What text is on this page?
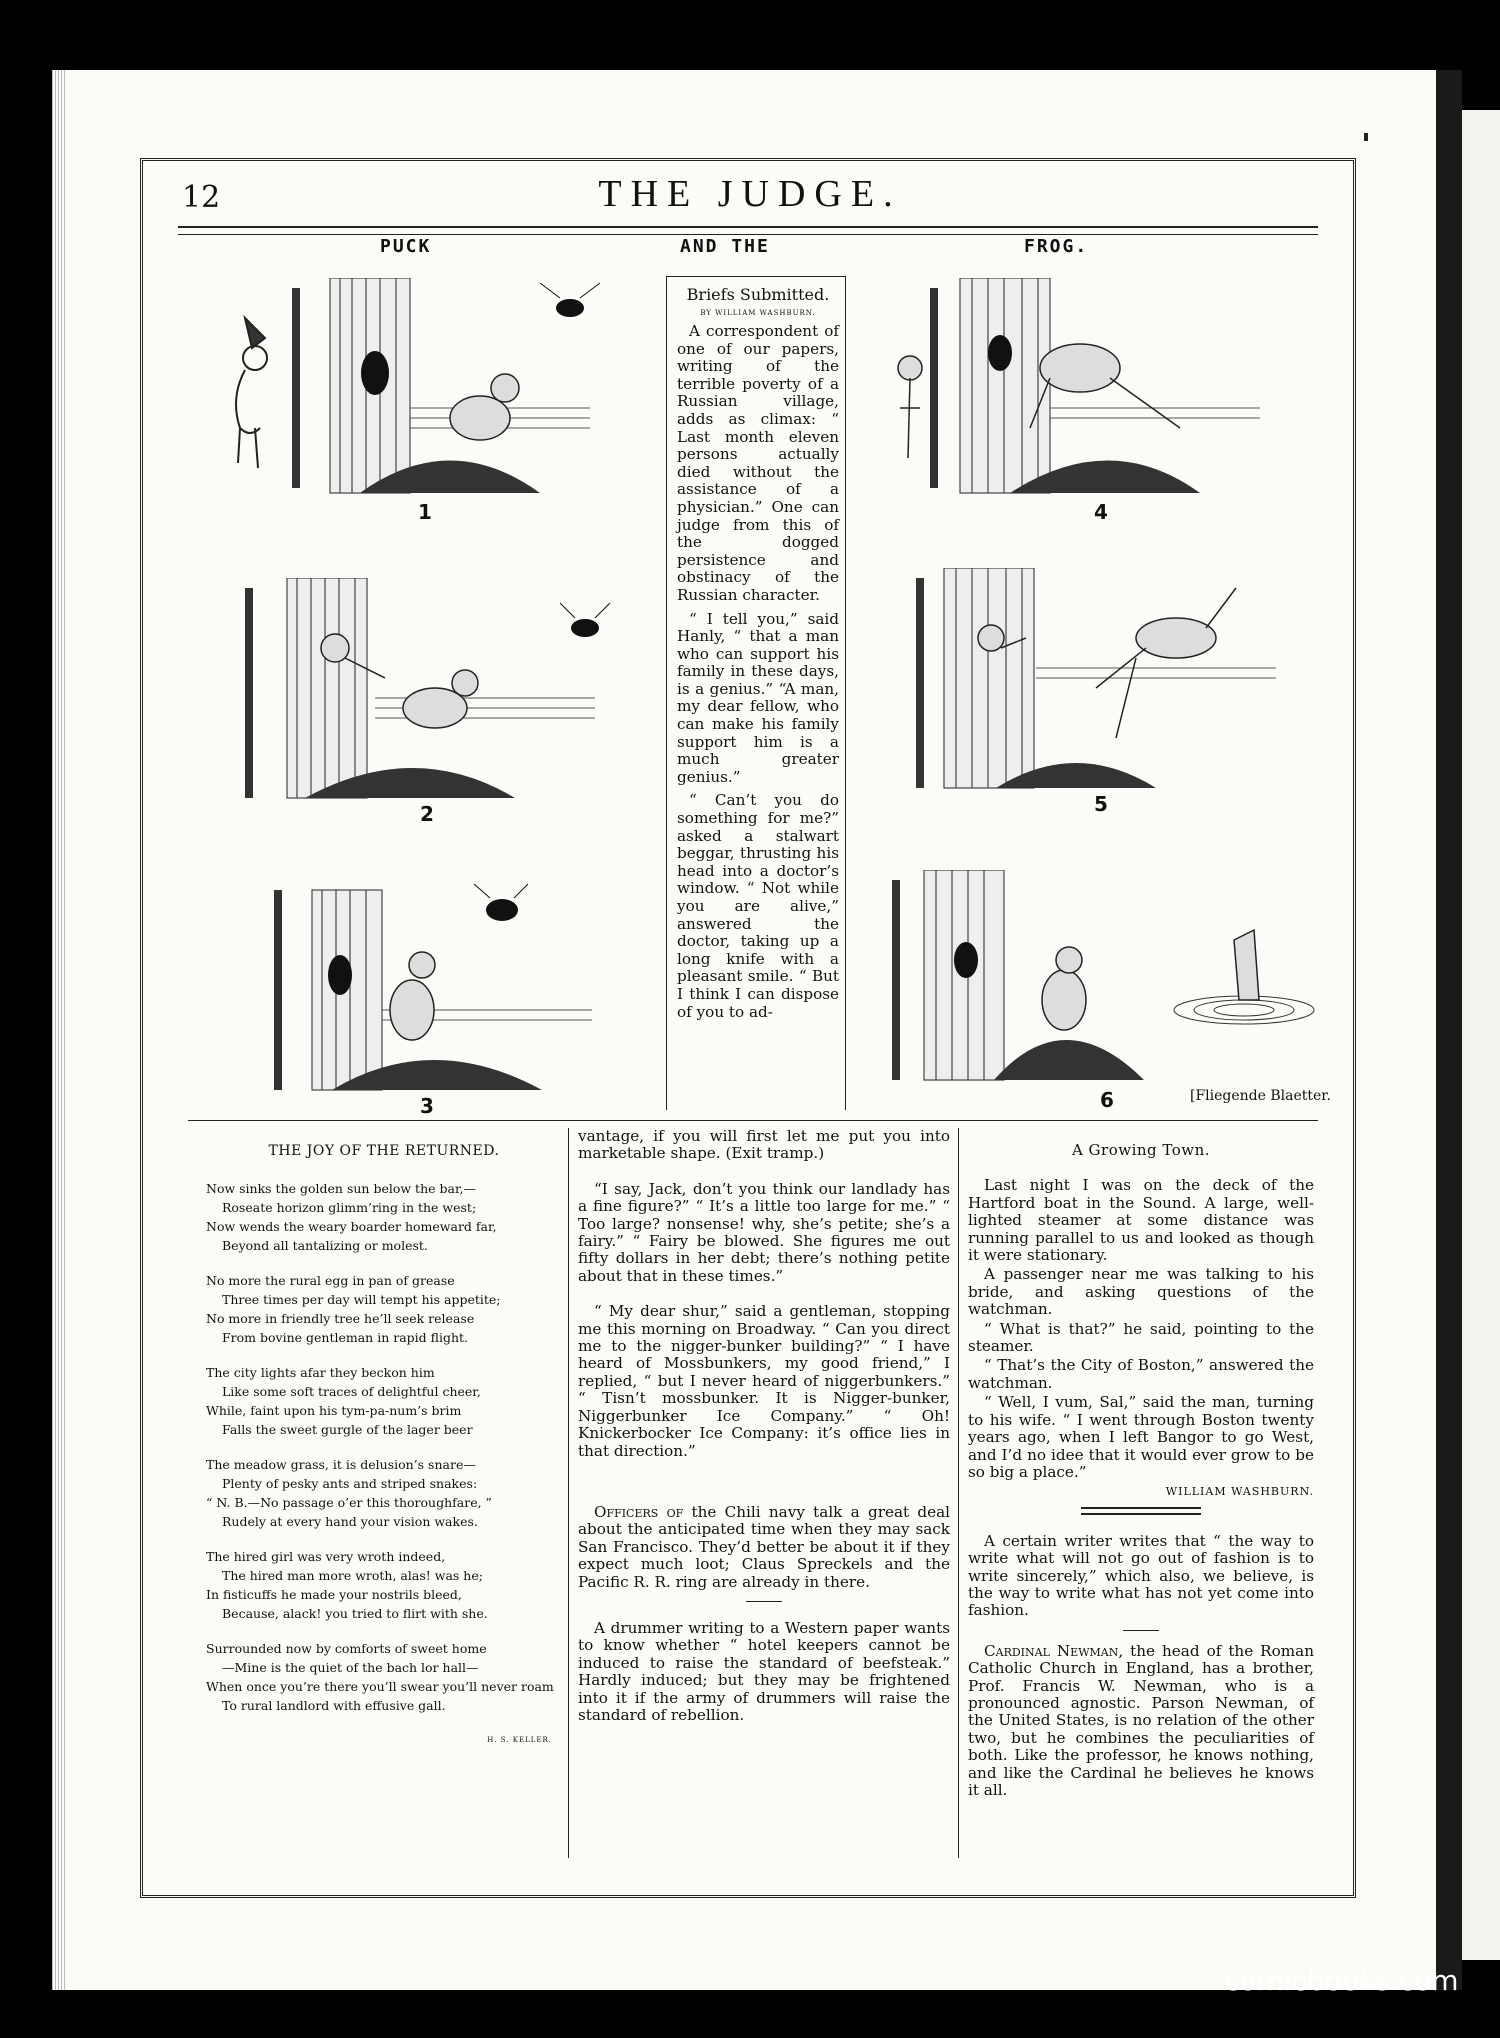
12	THE JUDGE.
PUCK	AND THE	FROG.
1
2
3
4
5
6	[Fliegende Blaetter.
Briefs Submitted.
BY WILLIAM WASHBURN.

A correspondent of one of our papers, writing of the terrible poverty of a Russian village, adds as climax: “ Last month eleven persons actually died without the assistance of a physician.” One can judge from this of the dogged persistence and obstinacy of the Russian character.

“ I tell you,” said Hanly, “ that a man who can support his family in these days, is a genius.” “A man, my dear fellow, who can make his family support him is a much greater genius.”

“ Can’t you do something for me?” asked a stalwart beggar, thrusting his head into a doctor’s window. “ Not while you are alive,” answered the doctor, taking up a long knife with a pleasant smile. “ But I think I can dispose of you to ad-

THE JOY OF THE RETURNED.
Now sinks the golden sun below the bar,—
Roseate horizon glimm’ring in the west;
Now wends the weary boarder homeward far,
Beyond all tantalizing or molest.
No more the rural egg in pan of grease
Three times per day will tempt his appetite;
No more in friendly tree he’ll seek release
From bovine gentleman in rapid flight.
The city lights afar they beckon him
Like some soft traces of delightful cheer,
While, faint upon his tym-pa-num’s brim
Falls the sweet gurgle of the lager beer
The meadow grass, it is delusion’s snare—
Plenty of pesky ants and striped snakes:
“ N. B.—No passage o’er this thoroughfare, ”
Rudely at every hand your vision wakes.
The hired girl was very wroth indeed,
The hired man more wroth, alas! was he;
In fisticuffs he made your nostrils bleed,
Because, alack! you tried to flirt with she.
Surrounded now by comforts of sweet home
—Mine is the quiet of the bach lor hall—
When once you’re there you’ll swear you’ll never roam
To rural landlord with effusive gall.
H. S. KELLER.

vantage, if you will first let me put you into marketable shape. (Exit tramp.)

“I say, Jack, don’t you think our landlady has a fine figure?” “ It’s a little too large for me.” “ Too large? nonsense! why, she’s petite; she’s a fairy.” “ Fairy be blowed. She figures me out fifty dollars in her debt; there’s nothing petite about that in these times.”

“ My dear shur,” said a gentleman, stopping me this morning on Broadway. “ Can you direct me to the nigger-bunker building?” “ I have heard of Mossbunkers, my good friend,” I replied, “ but I never heard of niggerbunkers.” “ Tisn’t mossbunker. It is Nigger-bunker, Niggerbunker Ice Company.” “ Oh! Knickerbocker Ice Company: it’s office lies in that direction.”

Officers of the Chili navy talk a great deal about the anticipated time when they may sack San Francisco. They’d better be about it if they expect much loot; Claus Spreckels and the Pacific R. R. ring are already in there.

A drummer writing to a Western paper wants to know whether “ hotel keepers cannot be induced to raise the standard of beefsteak.” Hardly induced; but they may be frightened into it if the army of drummers will raise the standard of rebellion.

A Growing Town.

Last night I was on the deck of the Hartford boat in the Sound. A large, well-lighted steamer at some distance was running parallel to us and looked as though it were stationary.

A passenger near me was talking to his bride, and asking questions of the watchman.

“ What is that?” he said, pointing to the steamer.

“ That’s the City of Boston,” answered the watchman.

“ Well, I vum, Sal,” said the man, turning to his wife. “ I went through Boston twenty years ago, when I left Bangor to go West, and I’d no idee that it would ever grow to be so big a place.”

WILLIAM WASHBURN.

A certain writer writes that “ the way to write what will not go out of fashion is to write sincerely,” which also, we believe, is the way to write what has not yet come into fashion.

Cardinal Newman, the head of the Roman Catholic Church in England, has a brother, Prof. Francis W. Newman, who is a pronounced agnostic. Parson Newman, of the United States, is no relation of the other two, but he combines the peculiarities of both. Like the professor, he knows nothing, and like the Cardinal he believes he knows it all.

comicbooks.com
